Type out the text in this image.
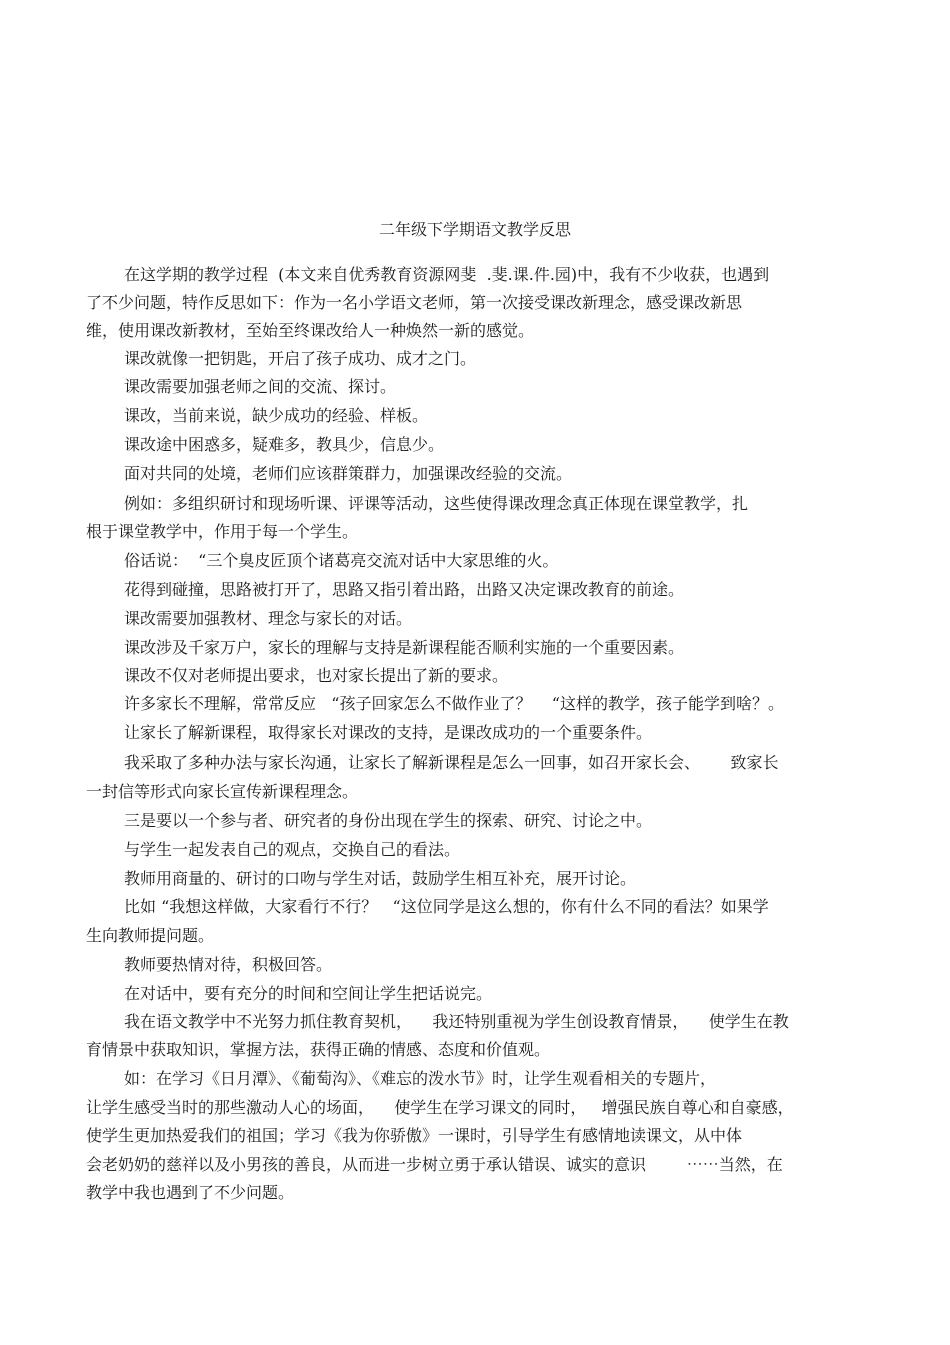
二年级下学期语文教学反思
在这学期的教学过程  (本文来自优秀教育资源网斐  .斐.课.件.园)中，我有不少收获，也遇到
了不少问题，特作反思如下：作为一名小学语文老师，第一次接受课改新理念，感受课改新思
维，使用课改新教材，至始至终课改给人一种焕然一新的感觉。
课改就像一把钥匙，开启了孩子成功、成才之门。
课改需要加强老师之间的交流、探讨。
课改，当前来说，缺少成功的经验、样板。
课改途中困惑多，疑难多，教具少，信息少。
面对共同的处境，老师们应该群策群力，加强课改经验的交流。
例如：多组织研讨和现场听课、评课等活动，这些使得课改理念真正体现在课堂教学，扎
根于课堂教学中，作用于每一个学生。
俗话说：  “三个臭皮匠顶个诸葛亮交流对话中大家思维的火。
花得到碰撞，思路被打开了，思路又指引着出路，出路又决定课改教育的前途。
课改需要加强教材、理念与家长的对话。
课改涉及千家万户，家长的理解与支持是新课程能否顺利实施的一个重要因素。
课改不仅对老师提出要求，也对家长提出了新的要求。
许多家长不理解，常常反应   “孩子回家怎么不做作业了？    “这样的教学，孩子能学到啥？。
让家长了解新课程，取得家长对课改的支持，是课改成功的一个重要条件。
我采取了多种办法与家长沟通，让家长了解新课程是怎么一回事，如召开家长会、      致家长
一封信等形式向家长宣传新课程理念。
三是要以一个参与者、研究者的身份出现在学生的探索、研究、讨论之中。
与学生一起发表自己的观点，交换自己的看法。
教师用商量的、研讨的口吻与学生对话，鼓励学生相互补充，展开讨论。
比如 “我想这样做，大家看行不行？   “这位同学是这么想的，你有什么不同的看法？如果学
生向教师提问题。
教师要热情对待，积极回答。
在对话中，要有充分的时间和空间让学生把话说完。
我在语文教学中不光努力抓住教育契机，    我还特别重视为学生创设教育情景，    使学生在教
育情景中获取知识，掌握方法，获得正确的情感、态度和价值观。
如：在学习《日月潭》、《葡萄沟》、《难忘的泼水节》时，让学生观看相关的专题片，
让学生感受当时的那些激动人心的场面，    使学生在学习课文的同时，   增强民族自尊心和自豪感，
使学生更加热爱我们的祖国；学习《我为你骄傲》一课时，引导学生有感情地读课文，从中体
会老奶奶的慈祥以及小男孩的善良，从而进一步树立勇于承认错误、诚实的意识        ⋯⋯当然，在
教学中我也遇到了不少问题。
